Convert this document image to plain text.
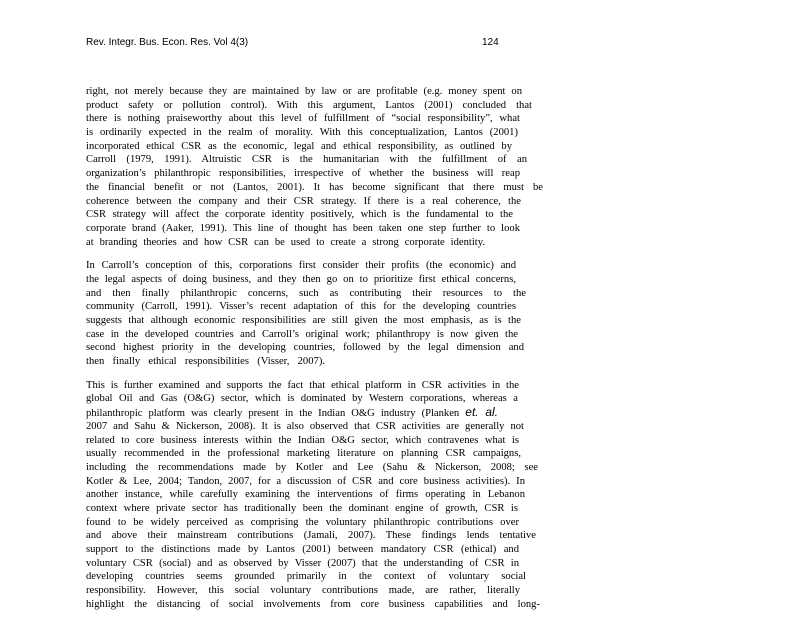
Rev. Integr. Bus. Econ. Res. Vol 4(3)	124
right, not merely because they are maintained by law or are profitable (e.g. money spent on
product safety or pollution control). With this argument, Lantos (2001) concluded that
there is nothing praiseworthy about this level of fulfillment of “social responsibility”, what
is ordinarily expected in the realm of morality. With this conceptualization, Lantos (2001)
incorporated ethical CSR as the economic, legal and ethical responsibility, as outlined by
Carroll (1979, 1991). Altruistic CSR is the humanitarian with the fulfillment of an
organization’s philanthropic responsibilities, irrespective of whether the business will reap
the financial benefit or not (Lantos, 2001). It has become significant that there must be
coherence between the company and their CSR strategy. If there is a real coherence, the
CSR strategy will affect the corporate identity positively, which is the fundamental to the
corporate brand (Aaker, 1991). This line of thought has been taken one step further to look
at branding theories and how CSR can be used to create a strong corporate identity.
In Carroll’s conception of this, corporations first consider their profits (the economic) and
the legal aspects of doing business, and they then go on to prioritize first ethical concerns,
and then finally philanthropic concerns, such as contributing their resources to the
community (Carroll, 1991). Visser’s recent adaptation of this for the developing countries
suggests that although economic responsibilities are still given the most emphasis, as is the
case in the developed countries and Carroll’s original work; philanthropy is now given the
second highest priority in the developing countries, followed by the legal dimension and
then finally ethical responsibilities (Visser, 2007).
This is further examined and supports the fact that ethical platform in CSR activities in the
global Oil and Gas (O&G) sector, which is dominated by Western corporations, whereas a
philanthropic platform was clearly present in the Indian O&G industry (Planken et. al.
2007 and Sahu & Nickerson, 2008). It is also observed that CSR activities are generally not
related to core business interests within the Indian O&G sector, which contravenes what is
usually recommended in the professional marketing literature on planning CSR campaigns,
including the recommendations made by Kotler and Lee (Sahu & Nickerson, 2008; see
Kotler & Lee, 2004; Tandon, 2007, for a discussion of CSR and core business activities). In
another instance, while carefully examining the interventions of firms operating in Lebanon
context where private sector has traditionally been the dominant engine of growth, CSR is
found to be widely perceived as comprising the voluntary philanthropic contributions over
and above their mainstream contributions (Jamali, 2007). These findings lends tentative
support to the distinctions made by Lantos (2001) between mandatory CSR (ethical) and
voluntary CSR (social) and as observed by Visser (2007) that the understanding of CSR in
developing countries seems grounded primarily in the context of voluntary social
responsibility. However, this social voluntary contributions made, are rather, literally
highlight the distancing of social involvements from core business capabilities and long-
